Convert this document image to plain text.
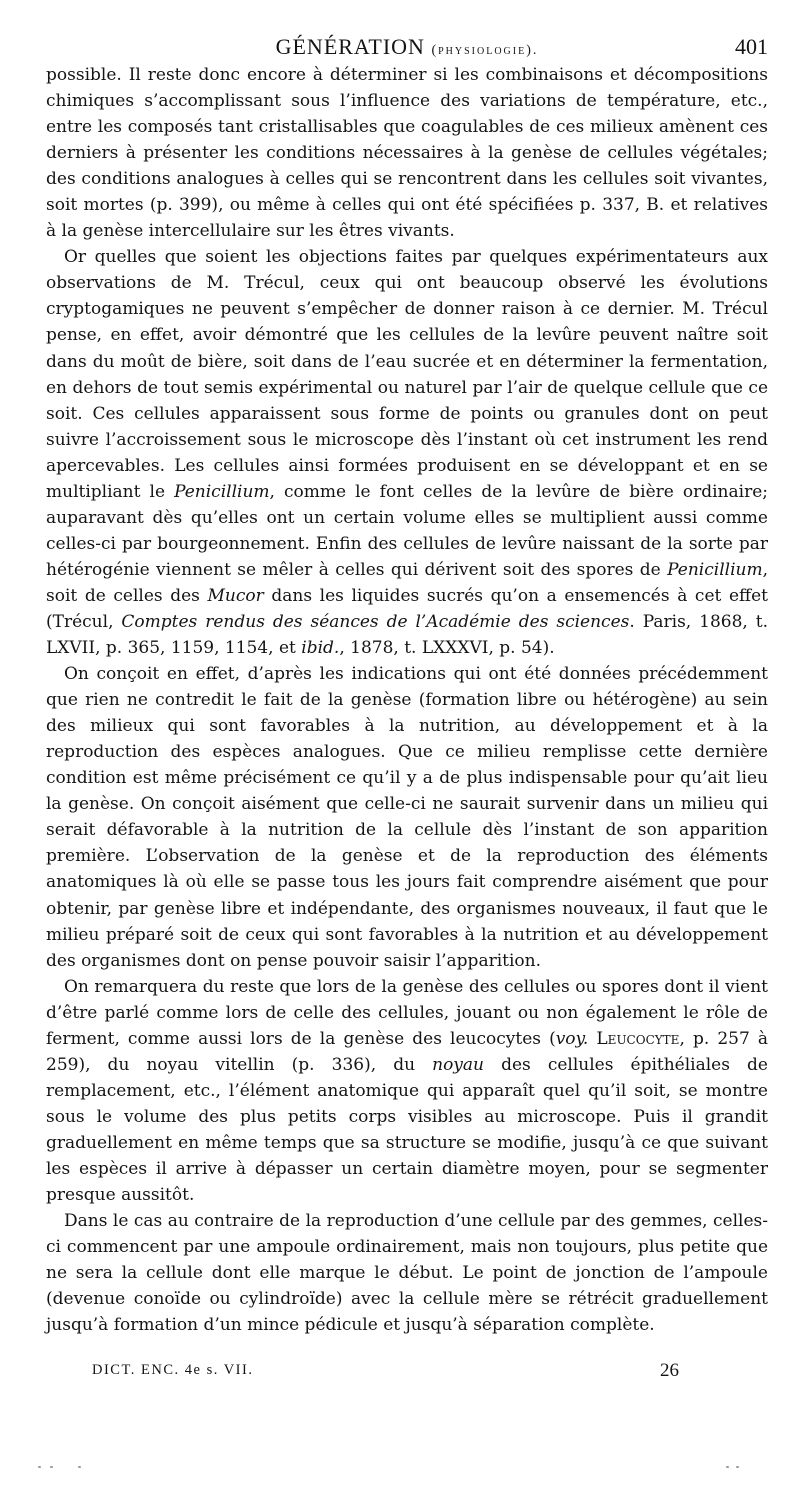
GÉNÉRATION (physiologie).	401

possible. Il reste donc encore à déterminer si les combinaisons et décompositions chimiques s’accomplissant sous l’influence des variations de température, etc., entre les composés tant cristallisables que coagulables de ces milieux amènent ces derniers à présenter les conditions nécessaires à la genèse de cellules végétales; des conditions analogues à celles qui se rencontrent dans les cellules soit vivantes, soit mortes (p. 399), ou même à celles qui ont été spécifiées p. 337, B. et relatives à la genèse intercellulaire sur les êtres vivants.

Or quelles que soient les objections faites par quelques expérimentateurs aux observations de M. Trécul, ceux qui ont beaucoup observé les évolutions cryptogamiques ne peuvent s’empêcher de donner raison à ce dernier. M. Trécul pense, en effet, avoir démontré que les cellules de la levûre peuvent naître soit dans du moût de bière, soit dans de l’eau sucrée et en déterminer la fermentation, en dehors de tout semis expérimental ou naturel par l’air de quelque cellule que ce soit. Ces cellules apparaissent sous forme de points ou granules dont on peut suivre l’accroissement sous le microscope dès l’instant où cet instrument les rend apercevables. Les cellules ainsi formées produisent en se développant et en se multipliant le Penicillium, comme le font celles de la levûre de bière ordinaire; auparavant dès qu’elles ont un certain volume elles se multiplient aussi comme celles-ci par bourgeonnement. Enfin des cellules de levûre naissant de la sorte par hétérogénie viennent se mêler à celles qui dérivent soit des spores de Penicillium, soit de celles des Mucor dans les liquides sucrés qu’on a ensemencés à cet effet (Trécul, Comptes rendus des séances de l’Académie des sciences. Paris, 1868, t. LXVII, p. 365, 1159, 1154, et ibid., 1878, t. LXXXVI, p. 54).

On conçoit en effet, d’après les indications qui ont été données précédemment que rien ne contredit le fait de la genèse (formation libre ou hétérogène) au sein des milieux qui sont favorables à la nutrition, au développement et à la reproduction des espèces analogues. Que ce milieu remplisse cette dernière condition est même précisément ce qu’il y a de plus indispensable pour qu’ait lieu la genèse. On conçoit aisément que celle-ci ne saurait survenir dans un milieu qui serait défavorable à la nutrition de la cellule dès l’instant de son apparition première. L’observation de la genèse et de la reproduction des éléments anatomiques là où elle se passe tous les jours fait comprendre aisément que pour obtenir, par genèse libre et indépendante, des organismes nouveaux, il faut que le milieu préparé soit de ceux qui sont favorables à la nutrition et au développement des organismes dont on pense pouvoir saisir l’apparition.

On remarquera du reste que lors de la genèse des cellules ou spores dont il vient d’être parlé comme lors de celle des cellules, jouant ou non également le rôle de ferment, comme aussi lors de la genèse des leucocytes (voy. Leucocyte, p. 257 à 259), du noyau vitellin (p. 336), du noyau des cellules épithéliales de remplacement, etc., l’élément anatomique qui apparaît quel qu’il soit, se montre sous le volume des plus petits corps visibles au microscope. Puis il grandit graduellement en même temps que sa structure se modifie, jusqu’à ce que suivant les espèces il arrive à dépasser un certain diamètre moyen, pour se segmenter presque aussitôt.

Dans le cas au contraire de la reproduction d’une cellule par des gemmes, celles-ci commencent par une ampoule ordinairement, mais non toujours, plus petite que ne sera la cellule dont elle marque le début. Le point de jonction de l’ampoule (devenue conoïde ou cylindroïde) avec la cellule mère se rétrécit graduellement jusqu’à formation d’un mince pédicule et jusqu’à séparation complète.

DICT. ENC. 4e s. VII.	26
